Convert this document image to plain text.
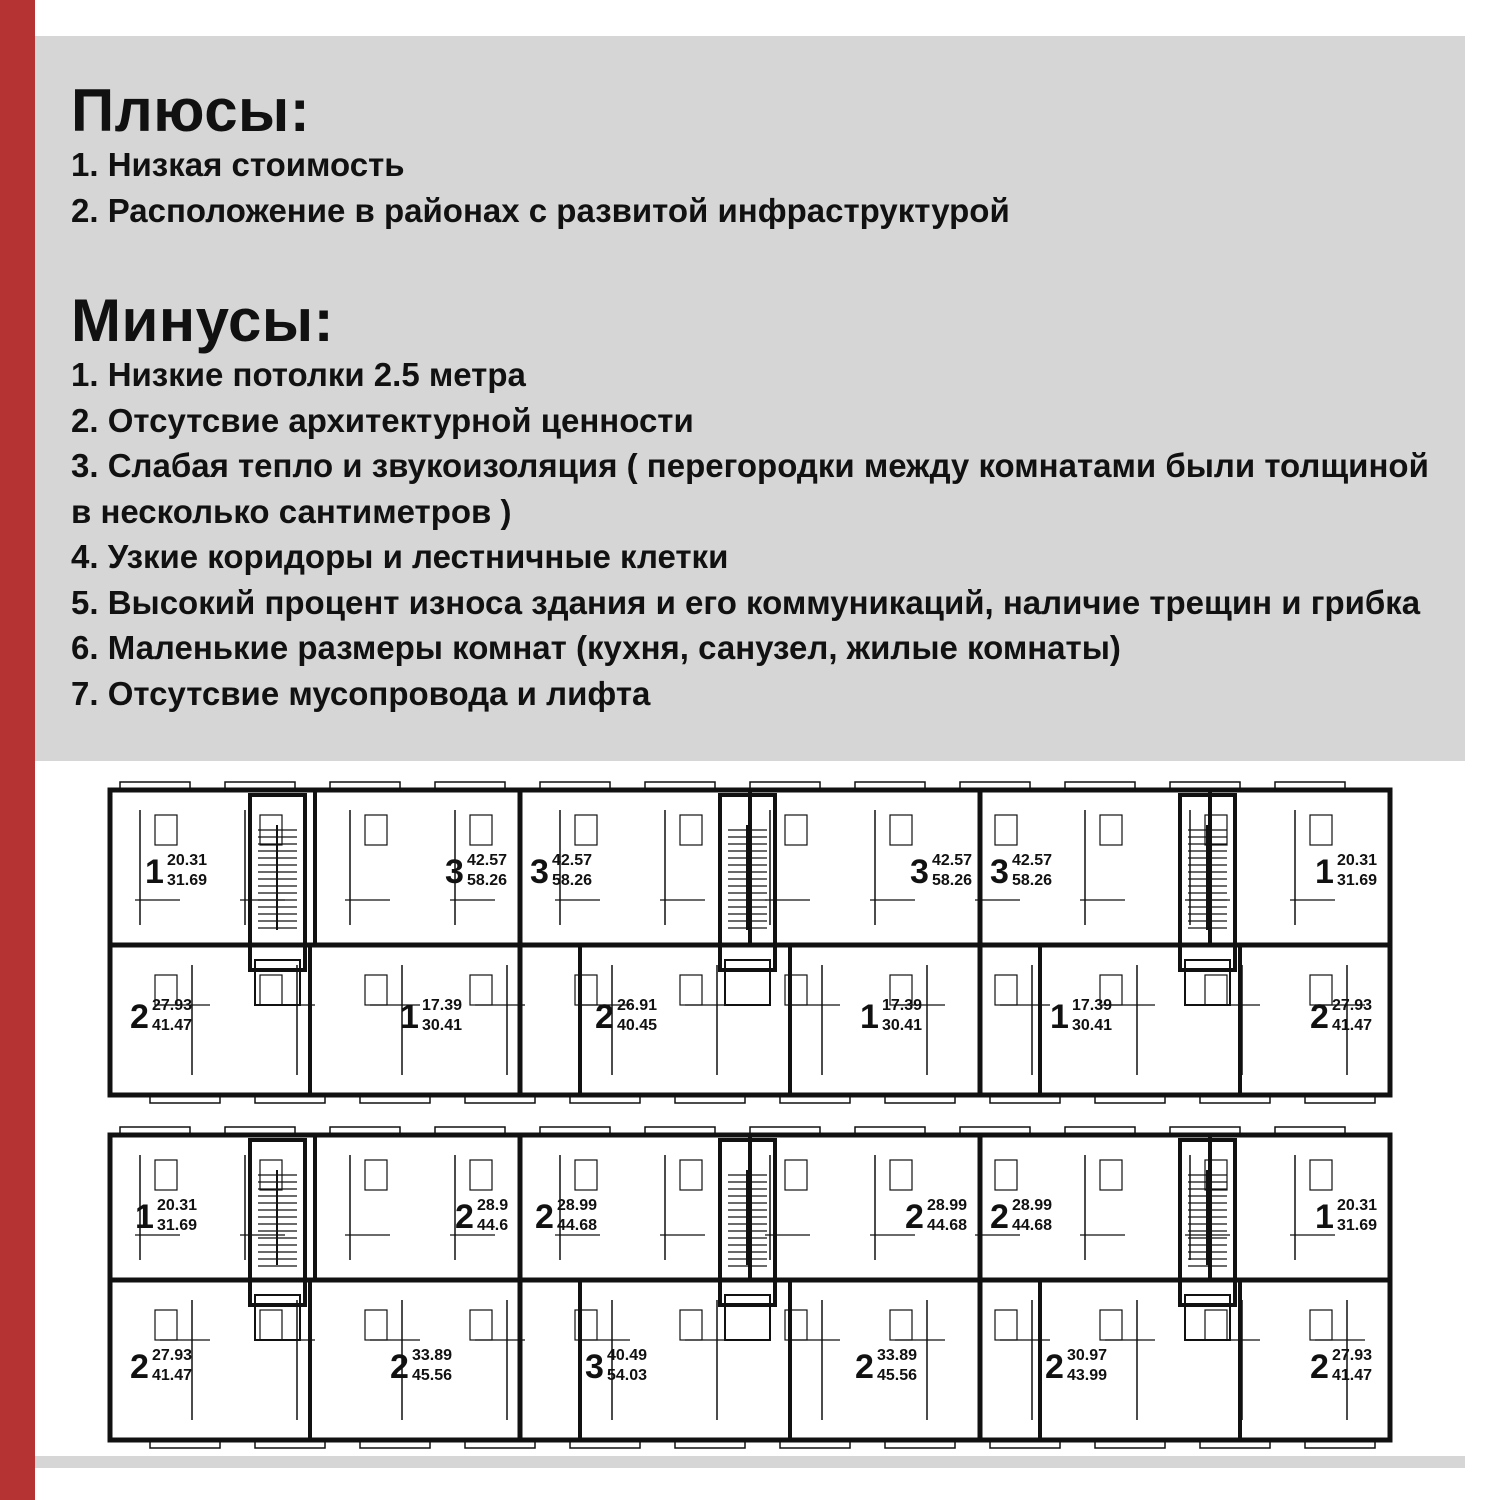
Плюсы:
1. Низкая стоимость
2. Расположение в районах с развитой инфраструктурой
Минусы:
1. Низкие потолки 2.5 метра
2. Отсутсвие архитектурной ценности
3. Слабая тепло и звукоизоляция ( перегородки между комнатами были толщиной в несколько сантиметров )
4. Узкие коридоры и лестничные клетки
5. Высокий процент износа здания и его коммуникаций, наличие трещин и грибка
6. Маленькие размеры комнат (кухня, санузел, жилые комнаты)
7. Отсутсвие мусопровода и лифта
1 20.31
31.69	3 42.57
58.26 3 42.57
58.26	3 42.57
58.26 3 42.57
58.26	1 20.31
31.69
2 27.93
41.47	1 17.39
30.41	2 26.91
40.45	1 17.39
30.41	1 17.39
30.41	2 27.93
41.47
1 20.31
31.69	2 28.9
44.6 2 28.99
44.68	2 28.99
44.68 2 28.99
44.68	1 20.31
31.69
2 27.93
41.47	2 33.89
45.56	3 40.49
54.03	2 33.89
45.56	2 30.97
43.99	2 27.93
41.47
